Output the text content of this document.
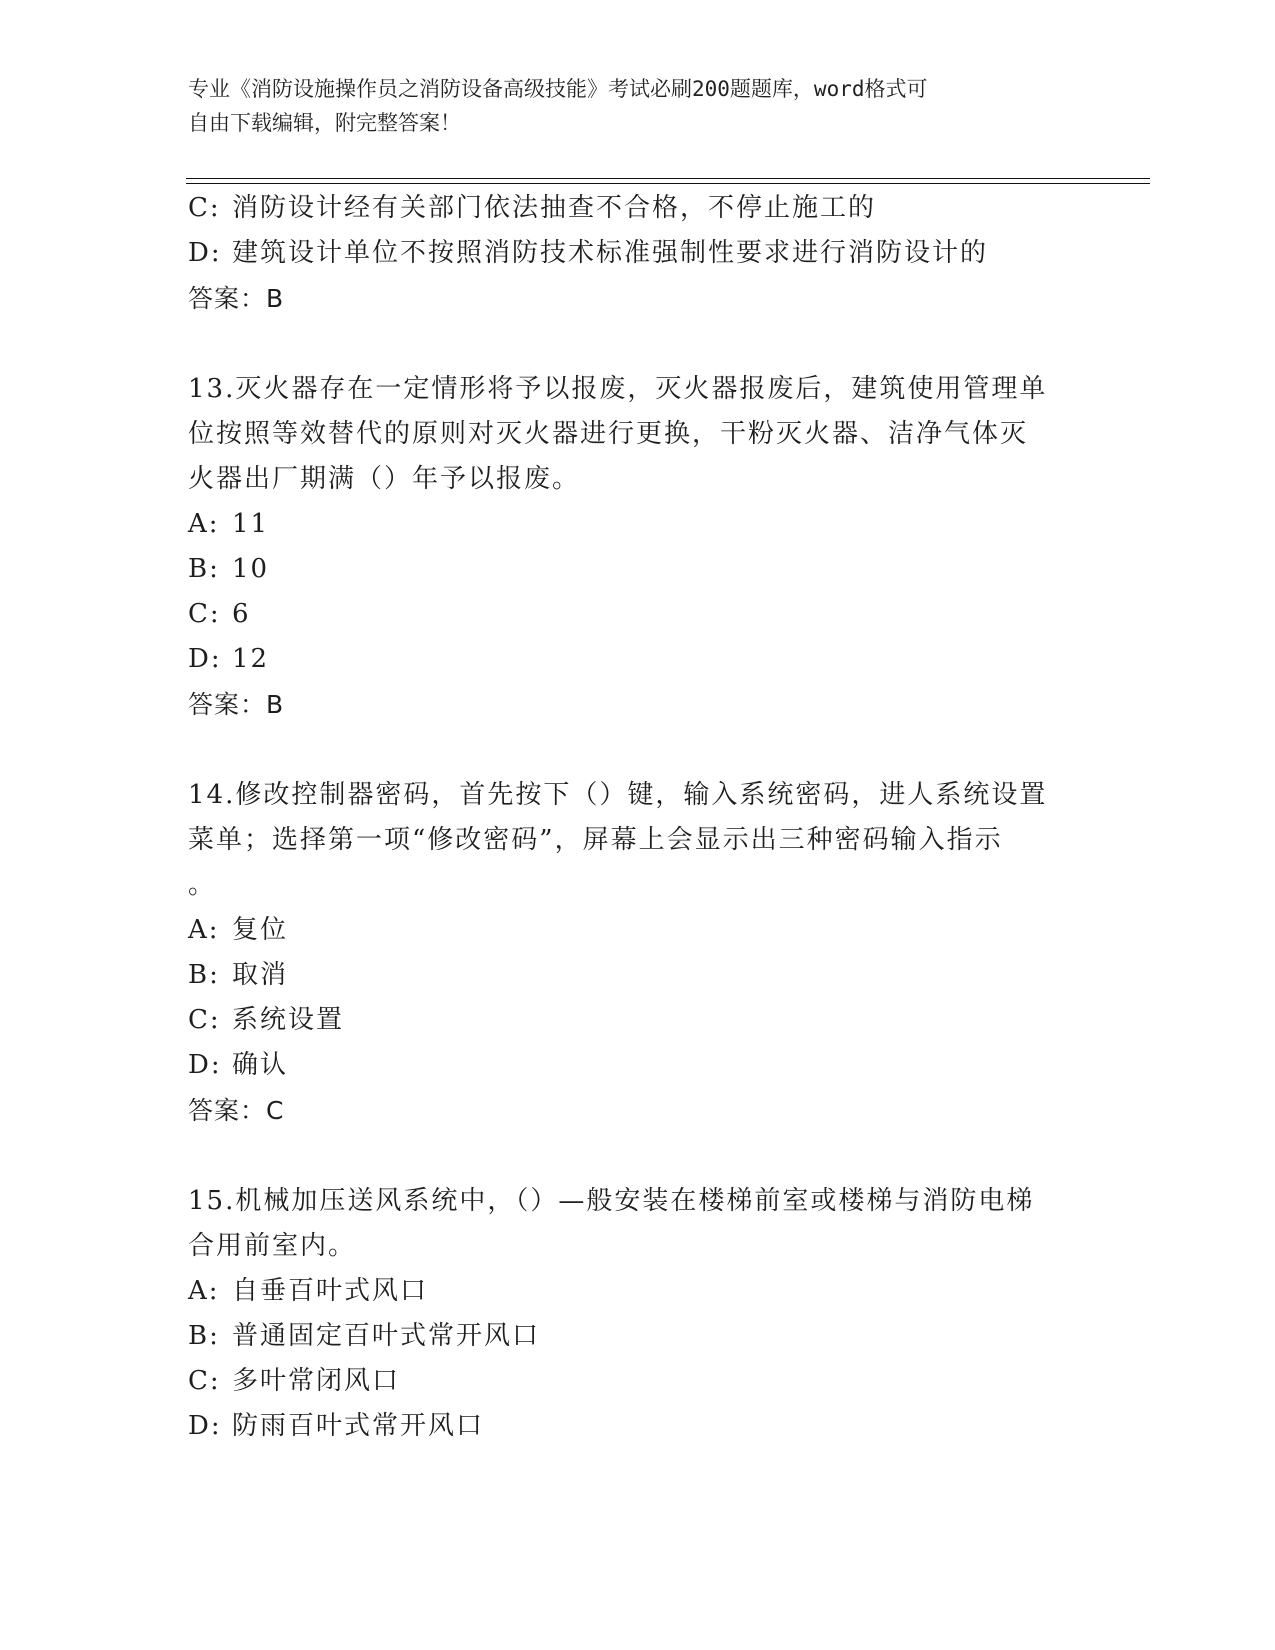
专业《消防设施操作员之消防设备高级技能》考试必刷200题题库，word格式可
自由下载编辑，附完整答案！
C: 消防设计经有关部门依法抽查不合格，不停止施工的
D: 建筑设计单位不按照消防技术标准强制性要求进行消防设计的
答案：B
13.灭火器存在一定情形将予以报废，灭火器报废后，建筑使用管理单
位按照等效替代的原则对灭火器进行更换，干粉灭火器、洁净气体灭
火器出厂期满（）年予以报废。
A: 11
B: 10
C: 6
D: 12
答案：B
14.修改控制器密码，首先按下（）键，输入系统密码，进人系统设置
菜单；选择第一项“修改密码”，屏幕上会显示出三种密码输入指示
。
A: 复位
B: 取消
C: 系统设置
D: 确认
答案：C
15.机械加压送风系统中，（）—般安装在楼梯前室或楼梯与消防电梯
合用前室内。
A: 自垂百叶式风口
B: 普通固定百叶式常开风口
C: 多叶常闭风口
D: 防雨百叶式常开风口
